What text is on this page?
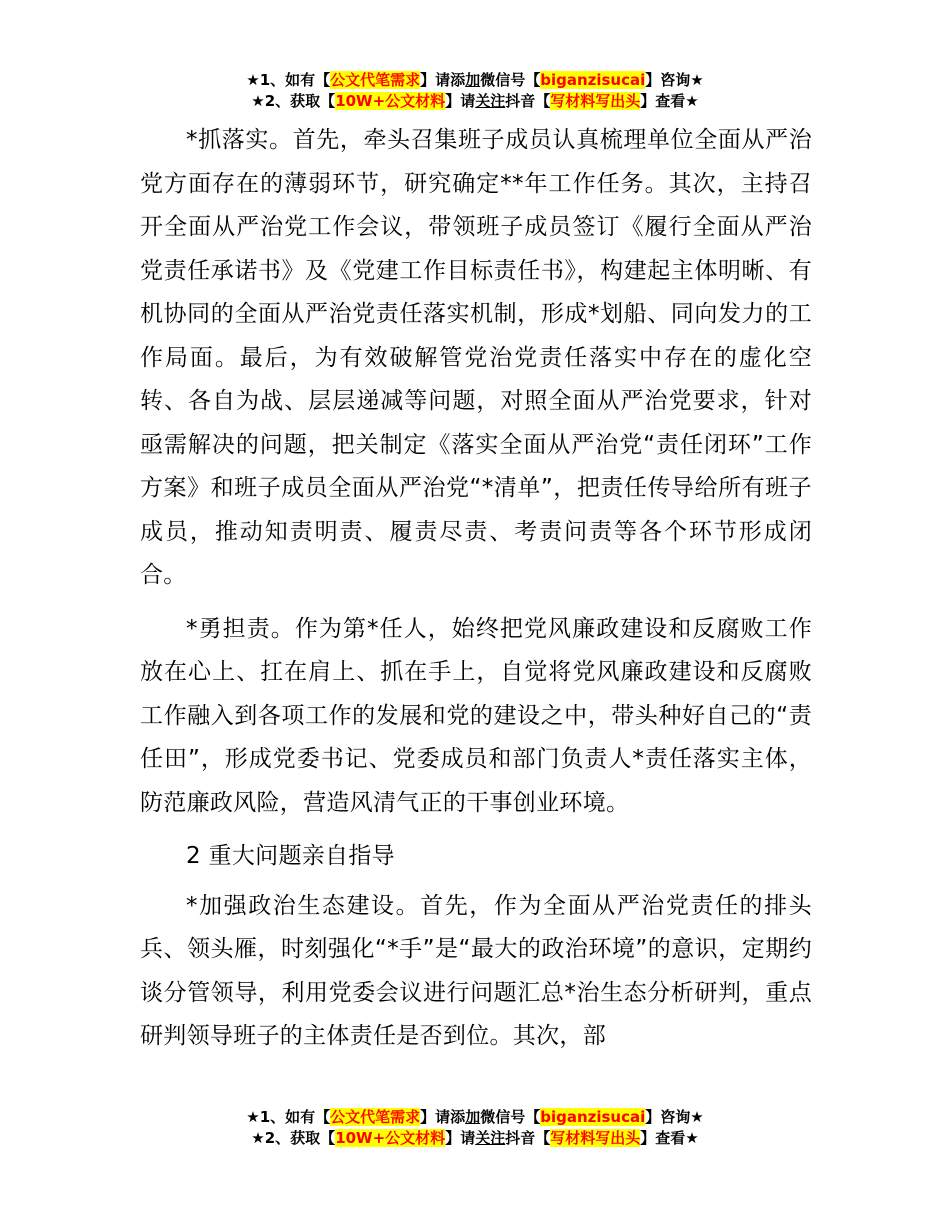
★1、如有【公文代笔需求】请添加微信号【biganzisucai】咨询★
★2、获取【10W+公文材料】请关注抖音【写材料写出头】查看★

*抓落实。首先，牵头召集班子成员认真梳理单位全面从严治党方面存在的薄弱环节，研究确定**年工作任务。其次，主持召开全面从严治党工作会议，带领班子成员签订《履行全面从严治党责任承诺书》及《党建工作目标责任书》，构建起主体明晰、有机协同的全面从严治党责任落实机制，形成*划船、同向发力的工作局面。最后，为有效破解管党治党责任落实中存在的虚化空转、各自为战、层层递减等问题，对照全面从严治党要求，针对亟需解决的问题，把关制定《落实全面从严治党“责任闭环”工作方案》和班子成员全面从严治党“*清单”，把责任传导给所有班子成员，推动知责明责、履责尽责、考责问责等各个环节形成闭合。

*勇担责。作为第*任人，始终把党风廉政建设和反腐败工作放在心上、扛在肩上、抓在手上，自觉将党风廉政建设和反腐败工作融入到各项工作的发展和党的建设之中，带头种好自己的“责任田”，形成党委书记、党委成员和部门负责人*责任落实主体，防范廉政风险，营造风清气正的干事创业环境。

2 重大问题亲自指导

*加强政治生态建设。首先，作为全面从严治党责任的排头兵、领头雁，时刻强化“*手”是“最大的政治环境”的意识，定期约谈分管领导，利用党委会议进行问题汇总*治生态分析研判，重点研判领导班子的主体责任是否到位。其次，部

★1、如有【公文代笔需求】请添加微信号【biganzisucai】咨询★
★2、获取【10W+公文材料】请关注抖音【写材料写出头】查看★
